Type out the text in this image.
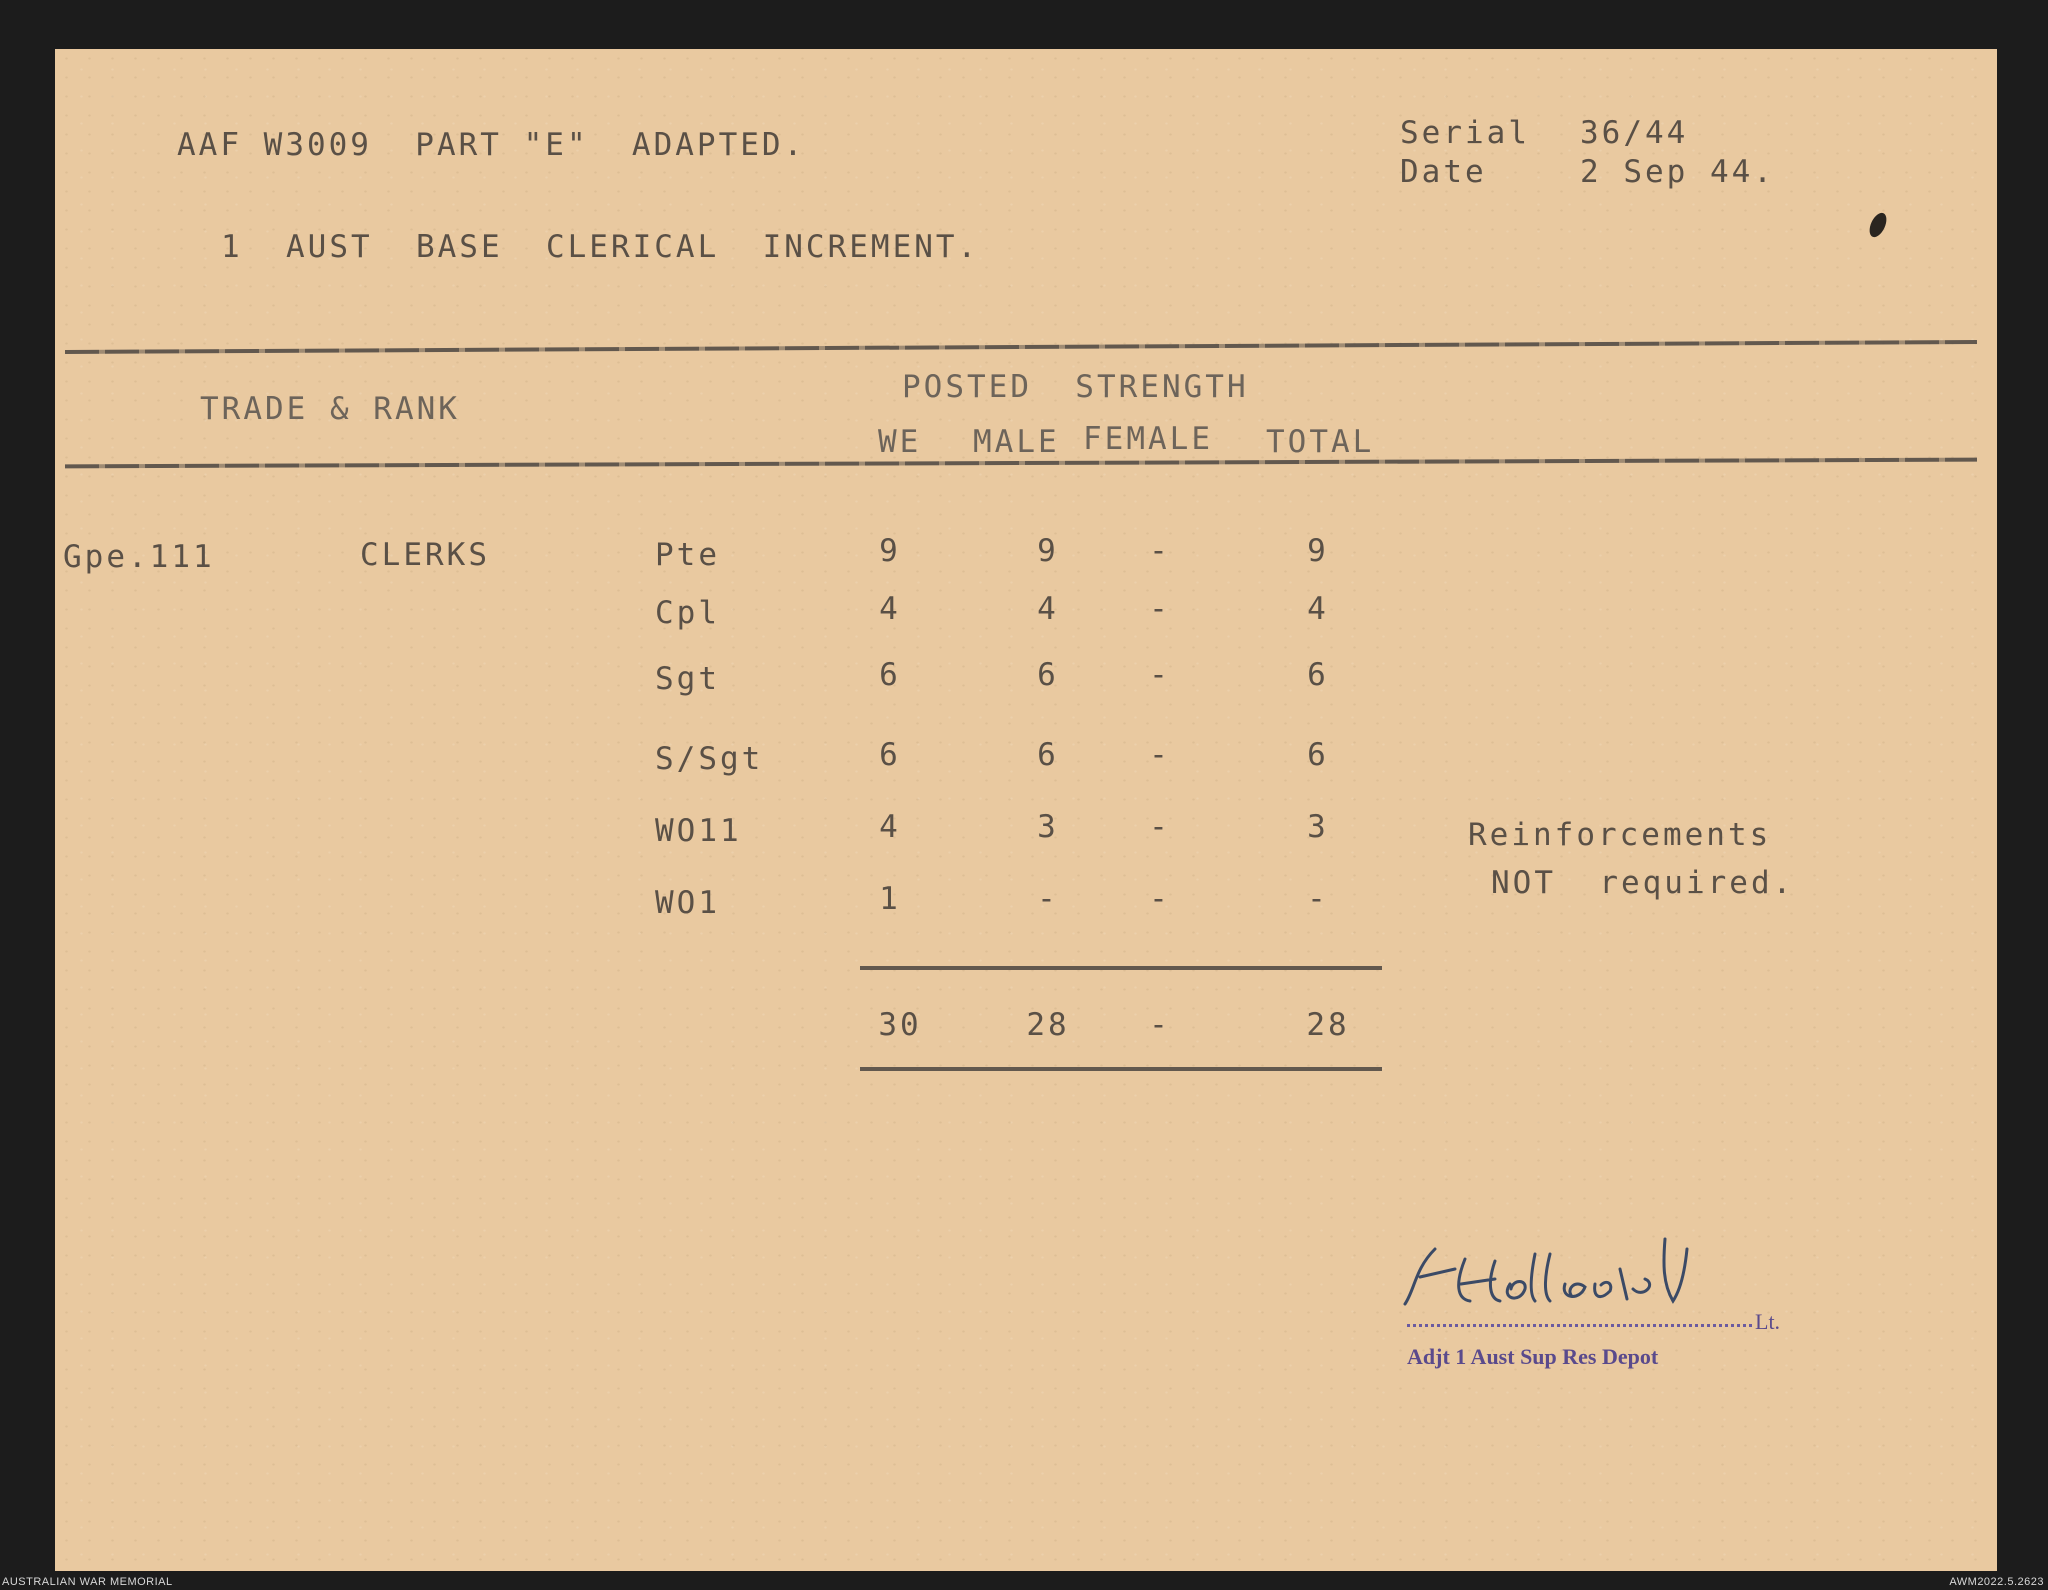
AAF W3009  PART "E"  ADAPTED.	Serial 36/44
Date	2 Sep 44.
1  AUST  BASE  CLERICAL  INCREMENT.
TRADE & RANK
POSTED  STRENGTH
WE MALE FEMALE TOTAL
Gpe.111	CLERKS	Pte	9	9	-	9
Cpl	4	4	-	4
Sgt	6	6	-	6
S/Sgt	6	6	-	6
WO11	4	3	-	3
WO1	1	-	-	-
30	28	-	28
Reinforcements
NOT  required.
Lt.
Adjt 1 Aust Sup Res Depot
AUSTRALIAN WAR MEMORIAL	AWM2022.5.2623
